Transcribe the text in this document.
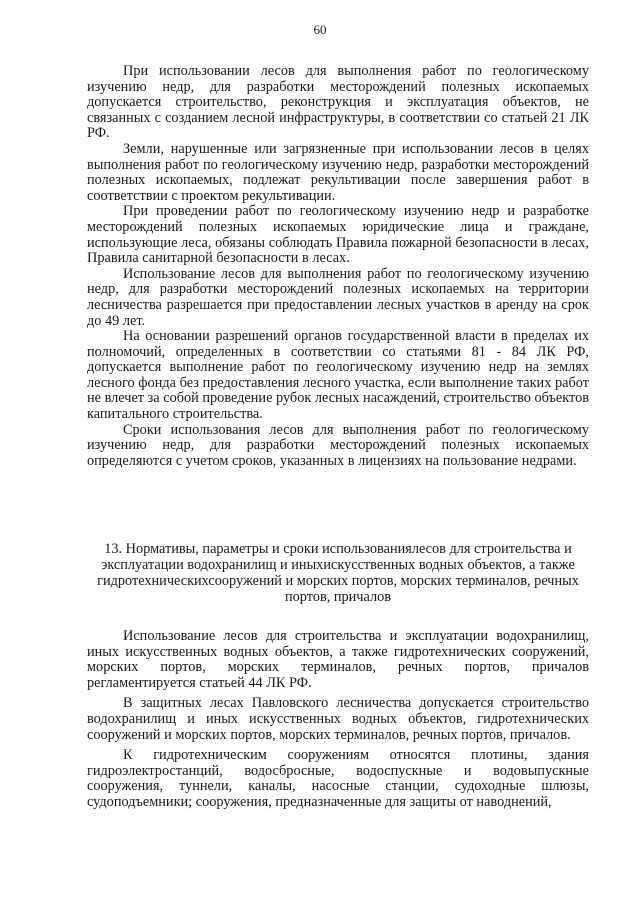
60

При использовании лесов для выполнения работ по геологическому изучению недр, для разработки месторождений полезных ископаемых допускается строительство, реконструкция и эксплуатация объектов, не связанных с созданием лесной инфраструктуры, в соответствии со статьей 21 ЛК РФ.

Земли, нарушенные или загрязненные при использовании лесов в целях выполнения работ по геологическому изучению недр, разработки месторождений полезных ископаемых, подлежат рекультивации после завершения работ в соответствии с проектом рекультивации.

При проведении работ по геологическому изучению недр и разработке месторождений полезных ископаемых юридические лица и граждане, использующие леса, обязаны соблюдать Правила пожарной безопасности в лесах, Правила санитарной безопасности в лесах.

Использование лесов для выполнения работ по геологическому изучению недр, для разработки месторождений полезных ископаемых на территории лесничества разрешается при предоставлении лесных участков в аренду на срок до 49 лет.

На основании разрешений органов государственной власти в пределах их полномочий, определенных в соответствии со статьями 81 - 84 ЛК РФ, допускается выполнение работ по геологическому изучению недр на землях лесного фонда без предоставления лесного участка, если выполнение таких работ не влечет за собой проведение рубок лесных насаждений, строительство объектов капитального строительства.

Сроки использования лесов для выполнения работ по геологическому изучению недр, для разработки месторождений полезных ископаемых определяются с учетом сроков, указанных в лицензиях на пользование недрами.

13. Нормативы, параметры и сроки использованиялесов для строительства и эксплуатации водохранилищ и иныхискусственных водных объектов, а также гидротехническихсооружений и морских портов, морских терминалов, речных портов, причалов

Использование лесов для строительства и эксплуатации водохранилищ, иных искусственных водных объектов, а также гидротехнических сооружений, морских портов, морских терминалов, речных портов, причалов регламентируется статьей 44 ЛК РФ.

В защитных лесах Павловского лесничества допускается строительство водохранилищ и иных искусственных водных объектов, гидротехнических сооружений и морских портов, морских терминалов, речных портов, причалов.

К гидротехническим сооружениям относятся плотины, здания гидроэлектростанций, водосбросные, водоспускные и водовыпускные сооружения, туннели, каналы, насосные станции, судоходные шлюзы, судоподъемники; сооружения, предназначенные для защиты от наводнений,
